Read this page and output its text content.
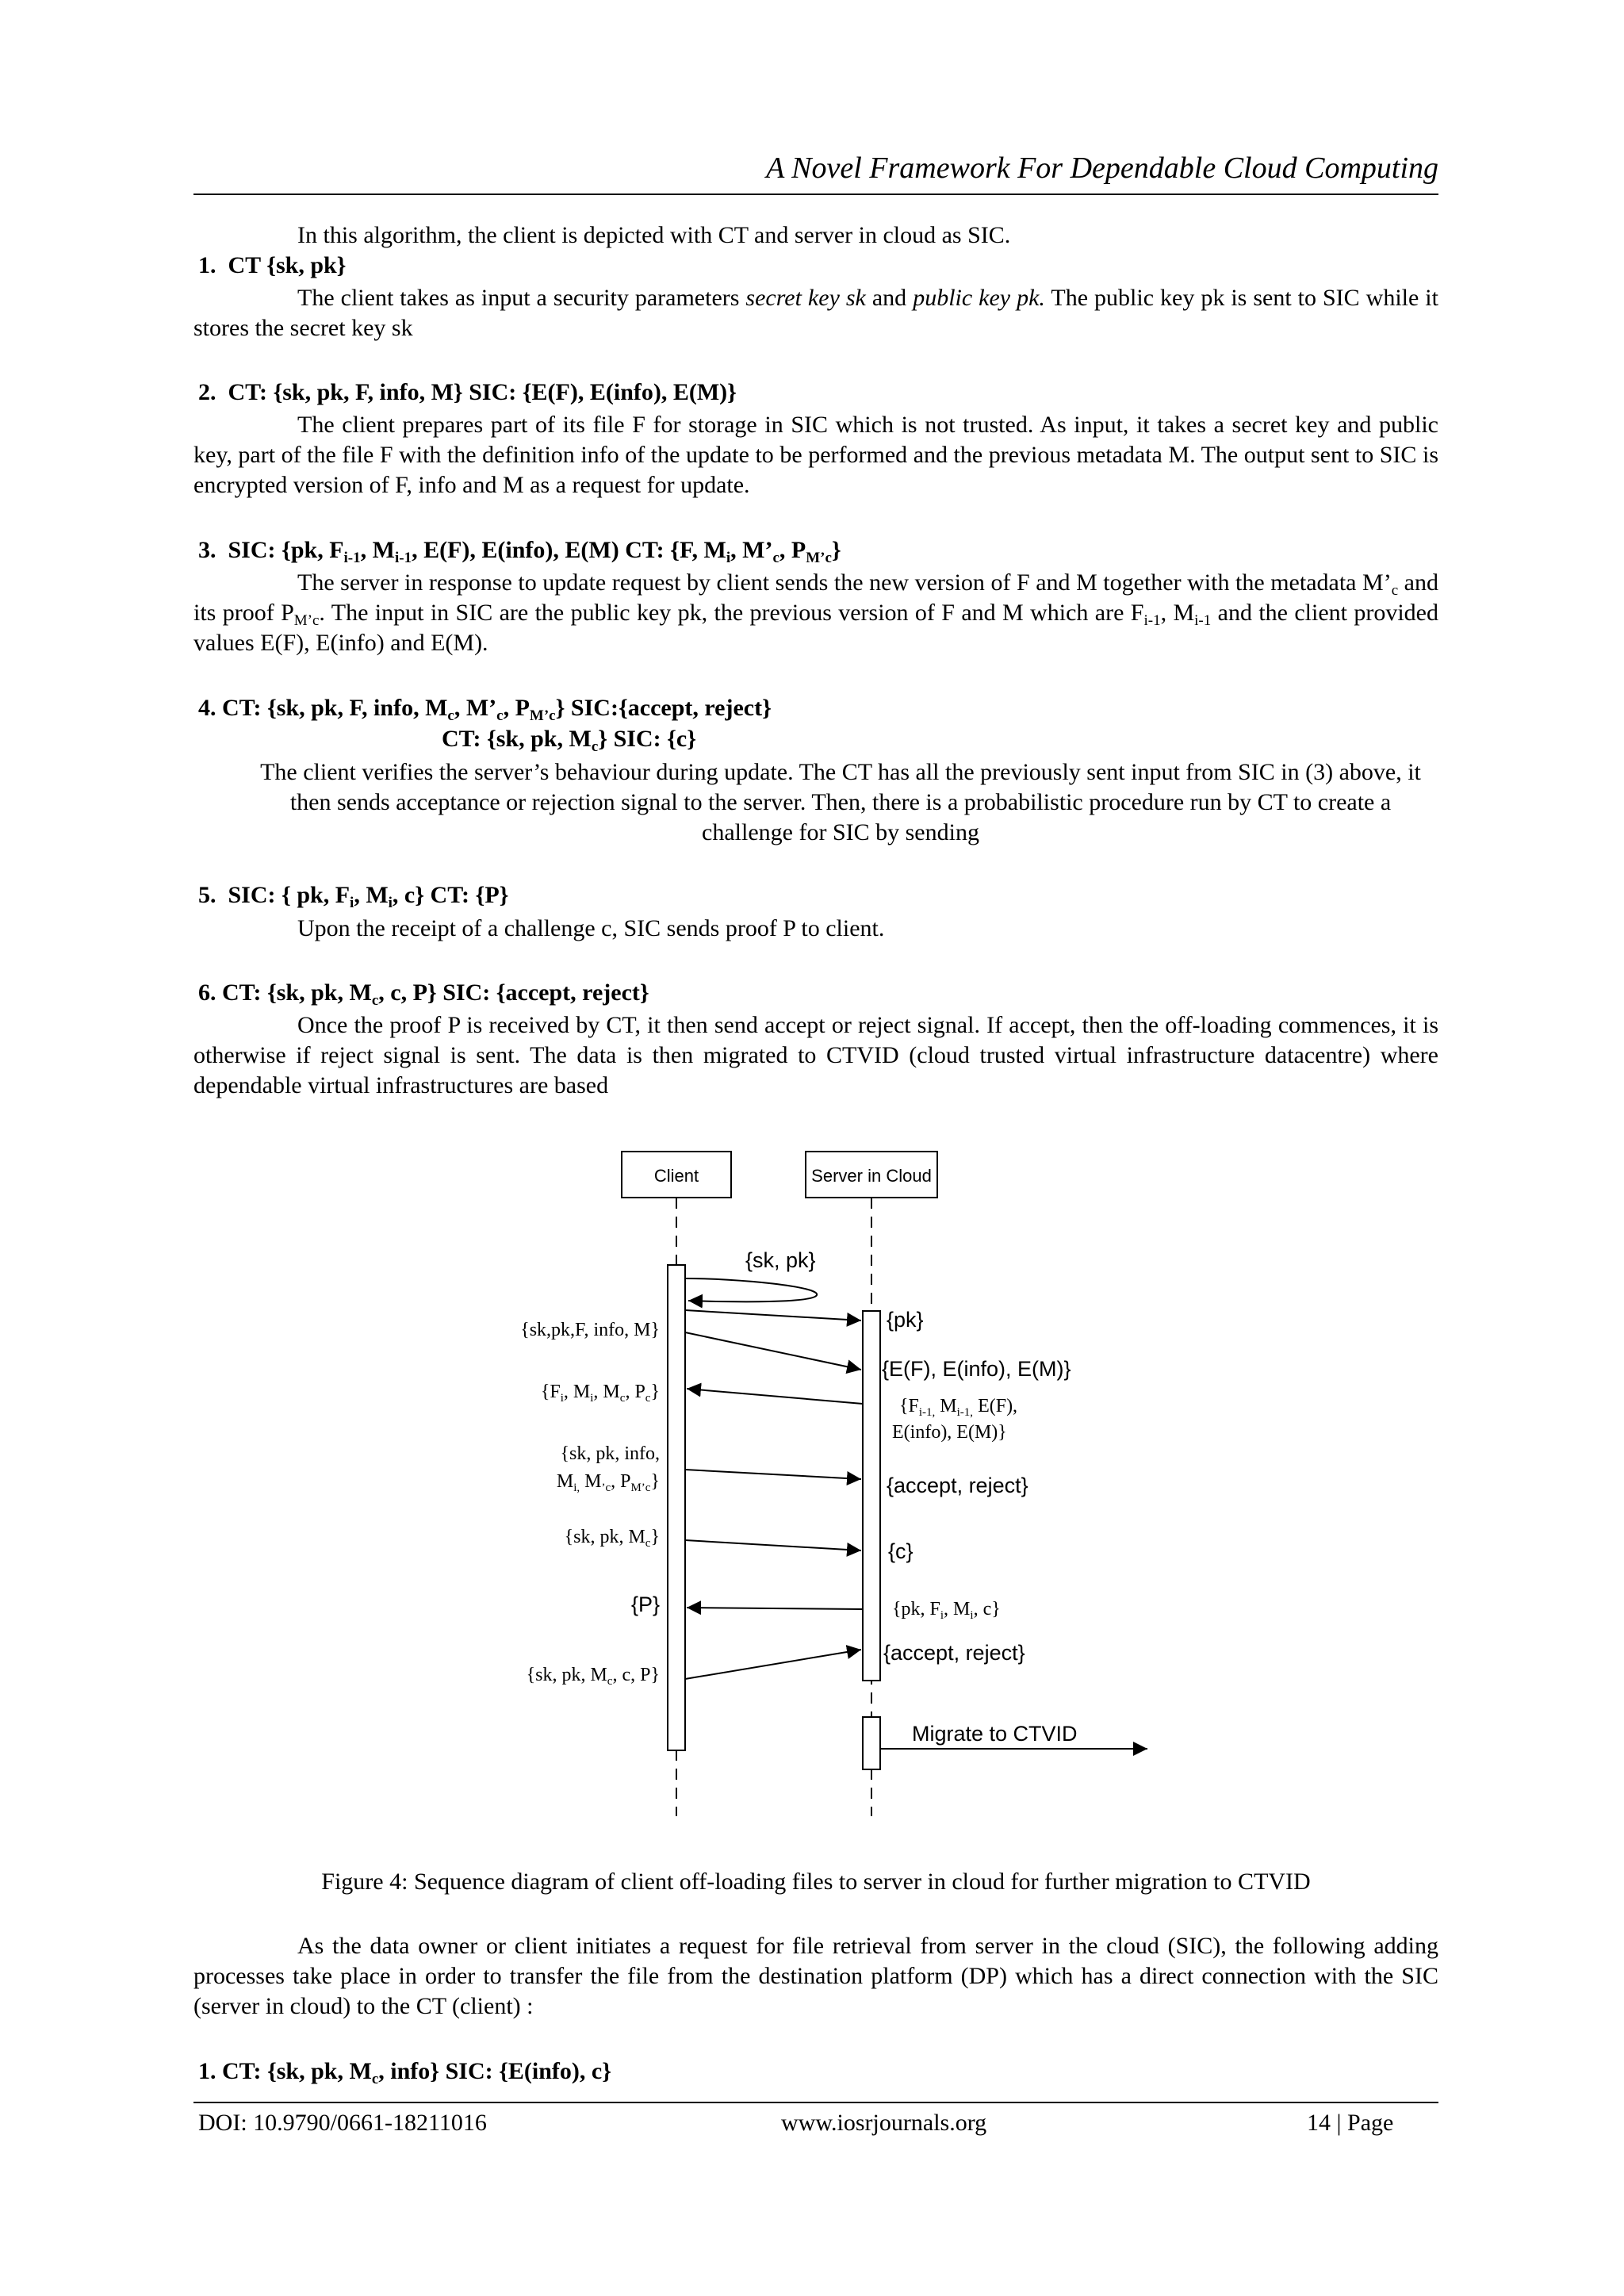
A Novel Framework For Dependable Cloud Computing
In this algorithm, the client is depicted with CT and server in cloud as SIC.
1. CT {sk, pk}
The client takes as input a security parameters secret key sk and public key pk. The public key pk is sent to SIC while it stores the secret key sk
2. CT: {sk, pk, F, info, M} SIC: {E(F), E(info), E(M)}
The client prepares part of its file F for storage in SIC which is not trusted. As input, it takes a secret key and public key, part of the file F with the definition info of the update to be performed and the previous metadata M. The output sent to SIC is encrypted version of F, info and M as a request for update.
3. SIC: {pk, $F_{i-1}$, $M_{i-1}$, E(F), E(info), E(M) CT: {F, $M_i$, $M’_c$, $P_{M’c}$}
The server in response to update request by client sends the new version of F and M together with the metadata $M’_c$ and its proof $P_{M’c}$. The input in SIC are the public key pk, the previous version of F and M which are $F_{i-1}$, $M_{i-1}$ and the client provided values E(F), E(info) and E(M).
4. CT: {sk, pk, F, info, $M_c$, $M’_c$, $P_{M’c}$} SIC:{accept, reject}
CT: {sk, pk, $M_c$} SIC: {c}
The client verifies the server’s behaviour during update. The CT has all the previously sent input from SIC in (3) above, it then sends acceptance or rejection signal to the server. Then, there is a probabilistic procedure run by CT to create a challenge for SIC by sending
5. SIC: { pk, $F_i$, $M_i$, c} CT: {P}
Upon the receipt of a challenge c, SIC sends proof P to client.
6. CT: {sk, pk, $M_c$, c, P} SIC: {accept, reject}
Once the proof P is received by CT, it then send accept or reject signal. If accept, then the off-loading commences, it is otherwise if reject signal is sent. The data is then migrated to CTVID (cloud trusted virtual infrastructure datacentre) where dependable virtual infrastructures are based
Client	Server in Cloud
{sk, pk}
{sk,pk,F, info, M}
{$F_i$, $M_i$, $M_c$, $P_c$}
{sk, pk, info,
$M_{i,}$ $M_{’c}$, $P_{M’c}$}
{sk, pk, $M_c$}
{P}
{sk, pk, $M_c$, c, P}
{pk}
{E(F), E(info), E(M)}
{$F_{i-1,}$ $M_{i-1,}$ E(F),
E(info), E(M)}
{accept, reject}
{c}
{pk, $F_i$, $M_i$, c}
{accept, reject}
Migrate to CTVID
Figure 4: Sequence diagram of client off-loading files to server in cloud for further migration to CTVID
As the data owner or client initiates a request for file retrieval from server in the cloud (SIC), the following adding processes take place in order to transfer the file from the destination platform (DP) which has a direct connection with the SIC (server in cloud) to the CT (client) :
1. CT: {sk, pk, $M_c$, info} SIC: {E(info), c}
DOI: 10.9790/0661-18211016	www.iosrjournals.org	14 | Page
